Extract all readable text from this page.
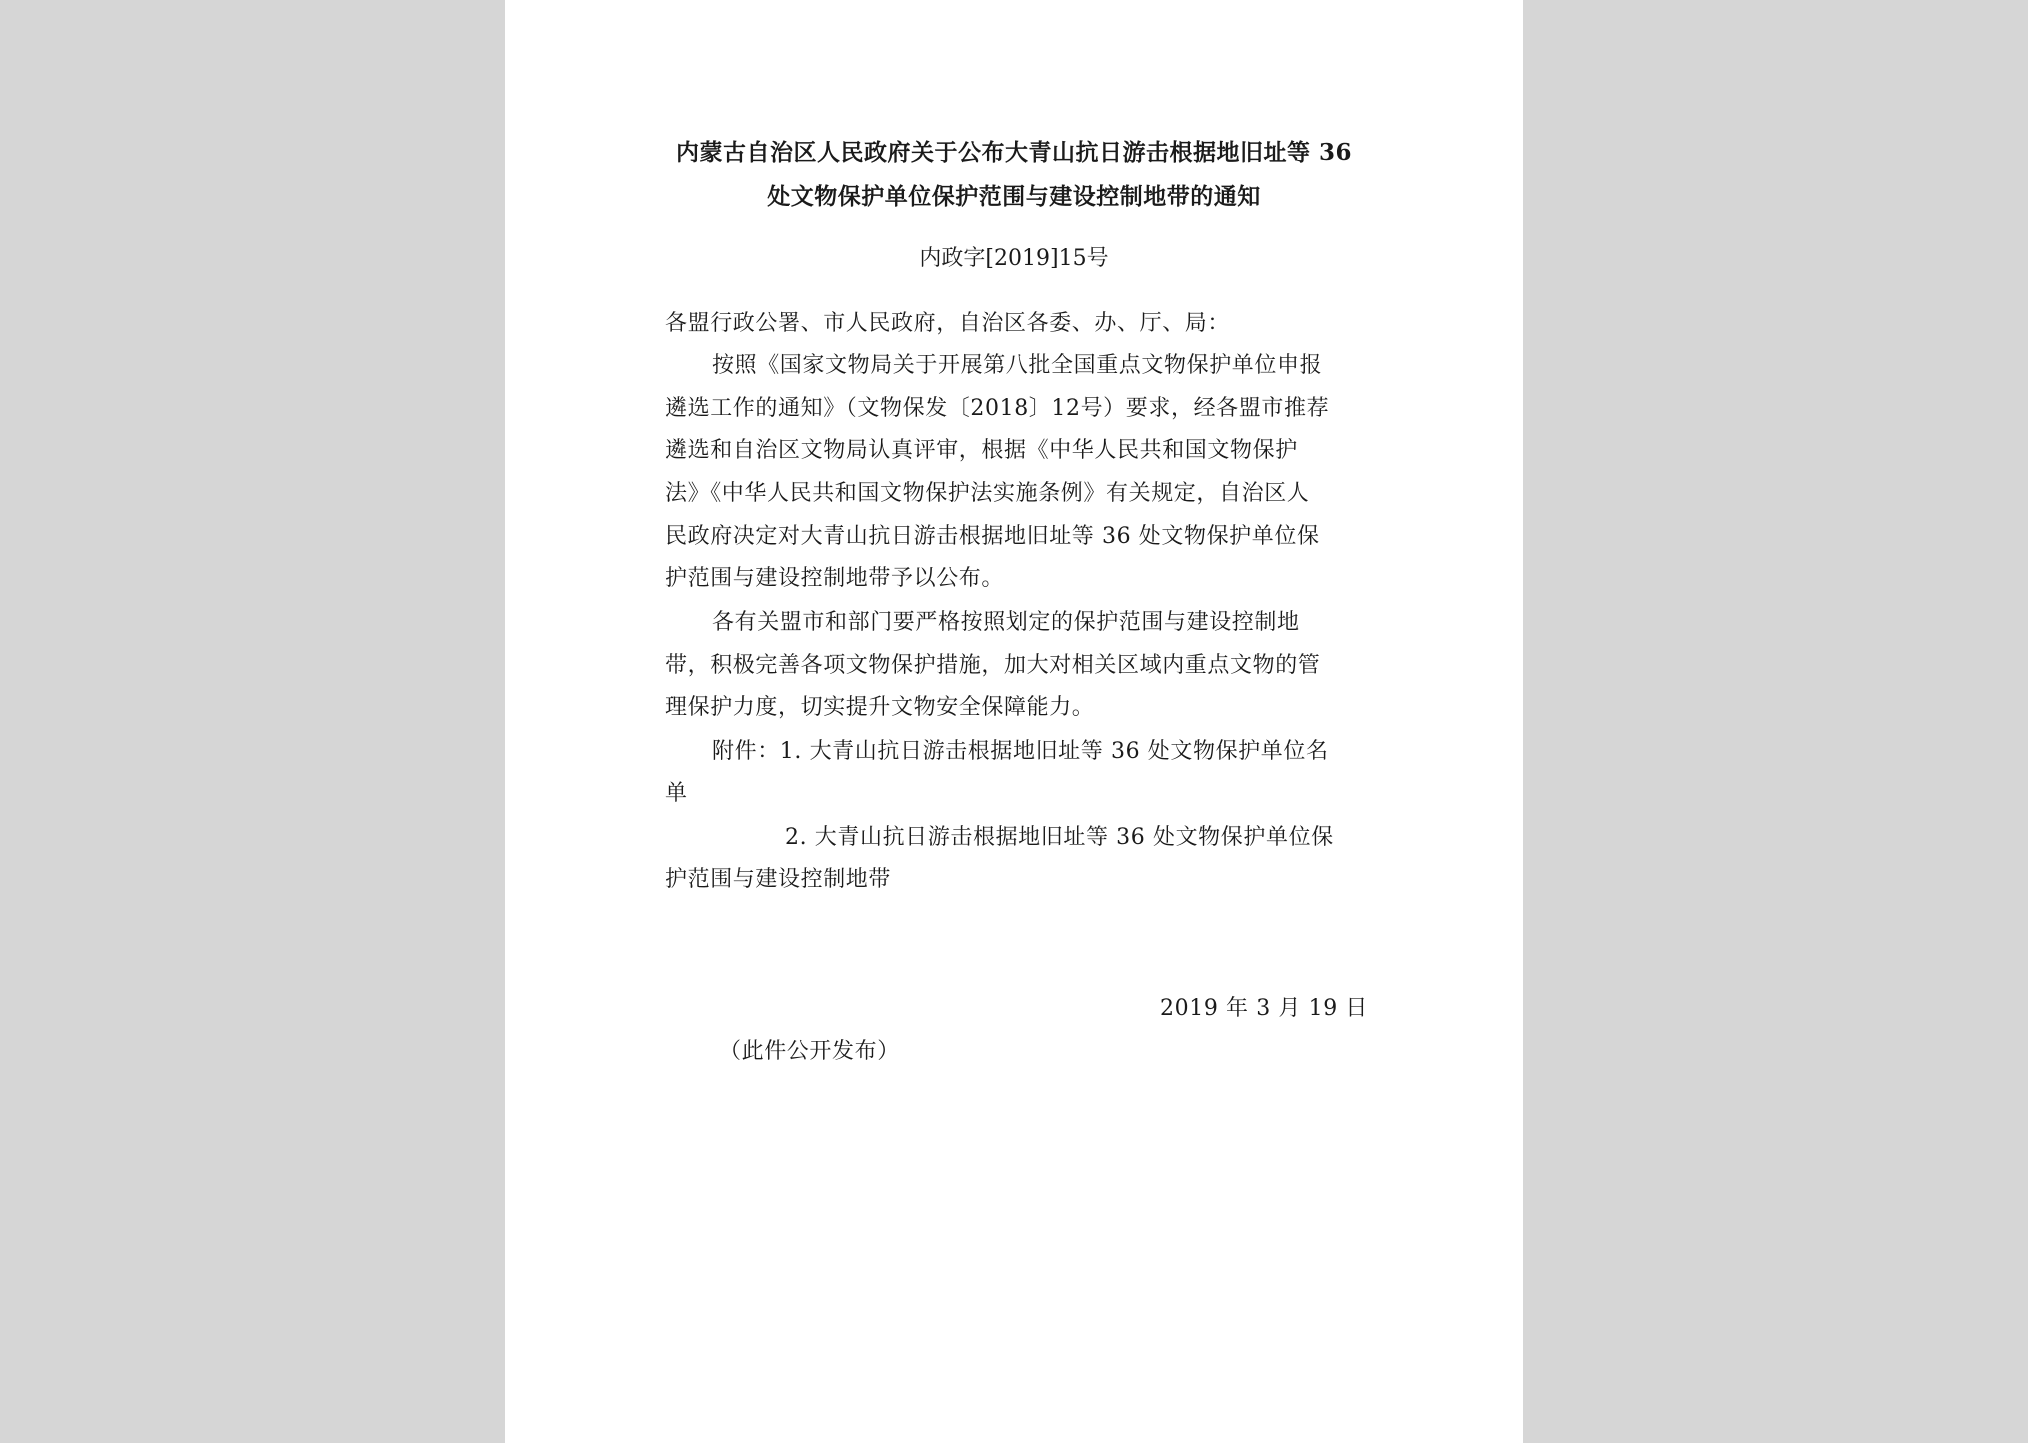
内蒙古自治区人民政府关于公布大青山抗日游击根据地旧址等 36
处文物保护单位保护范围与建设控制地带的通知
内政字[2019]15号
各盟行政公署、市人民政府，自治区各委、办、厅、局：
按照《国家文物局关于开展第八批全国重点文物保护单位申报
遴选工作的通知》（文物保发〔2018〕12号）要求，经各盟市推荐
遴选和自治区文物局认真评审，根据《中华人民共和国文物保护
法》《中华人民共和国文物保护法实施条例》有关规定，自治区人
民政府决定对大青山抗日游击根据地旧址等 36 处文物保护单位保
护范围与建设控制地带予以公布。
各有关盟市和部门要严格按照划定的保护范围与建设控制地
带，积极完善各项文物保护措施，加大对相关区域内重点文物的管
理保护力度，切实提升文物安全保障能力。
附件：1. 大青山抗日游击根据地旧址等 36 处文物保护单位名
单
2. 大青山抗日游击根据地旧址等 36 处文物保护单位保
护范围与建设控制地带
2019 年 3 月 19 日
（此件公开发布）
